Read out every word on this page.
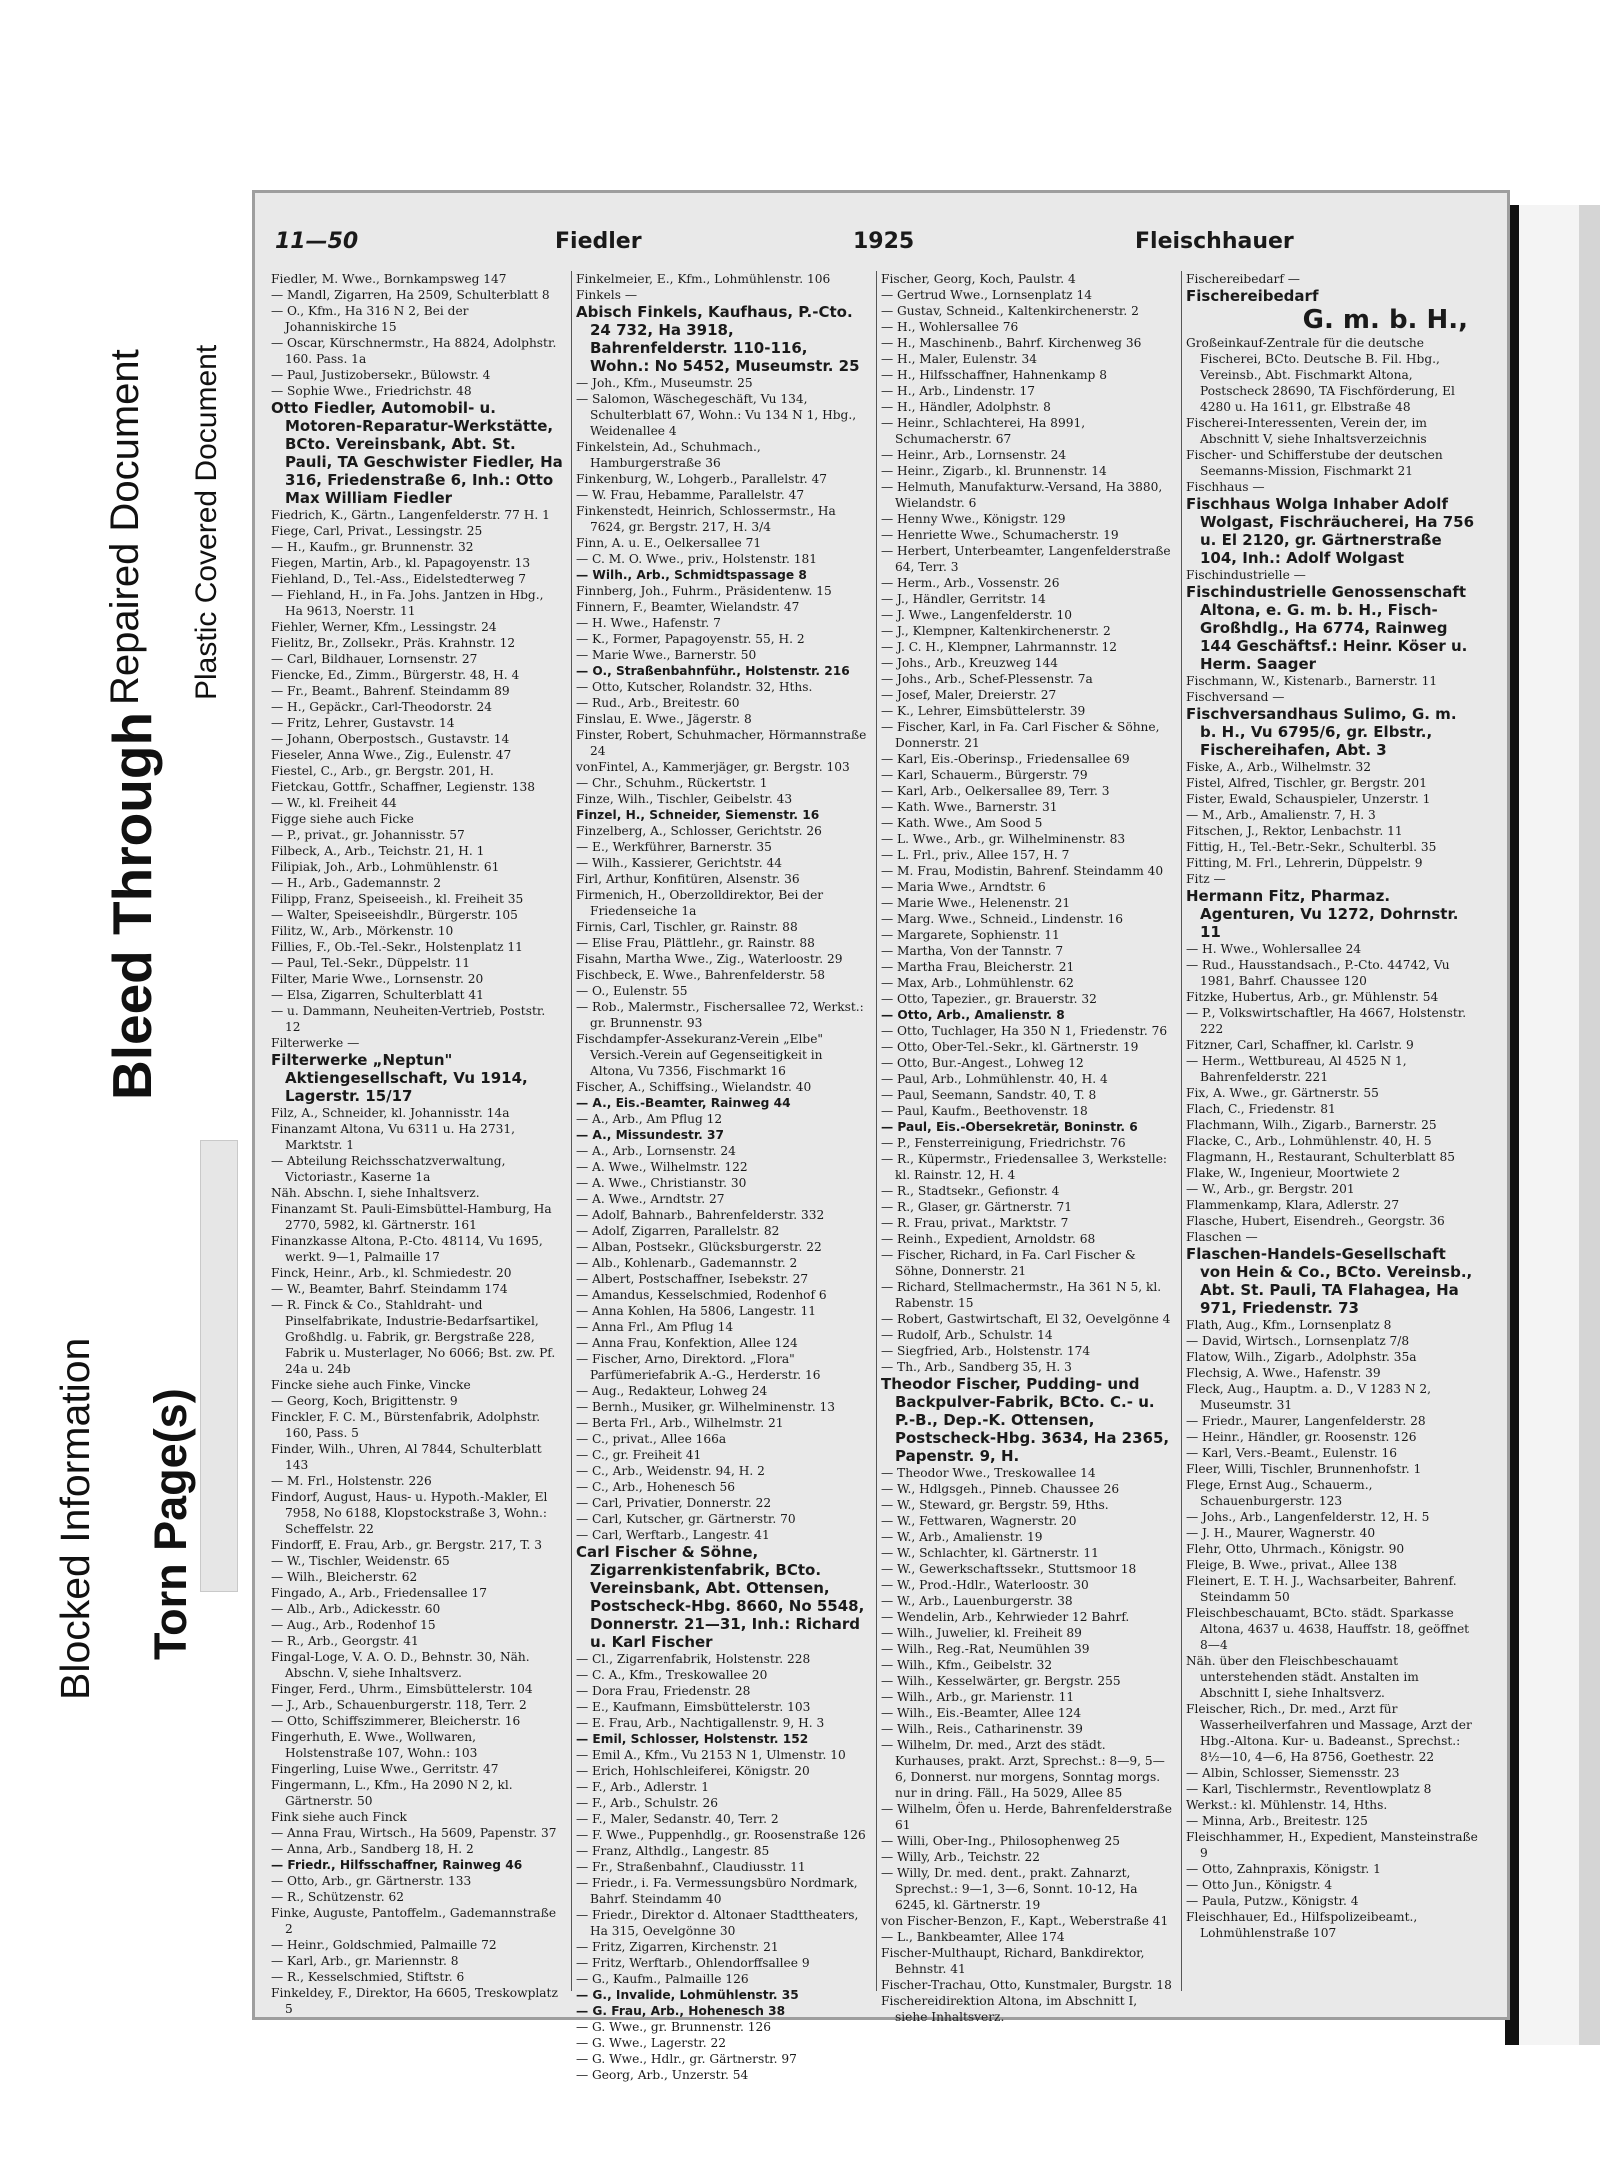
Blocked Information
Bleed Through
Torn Page(s)
Repaired Document Plastic Covered Document
11—50	Fiedler	1925	Fleischhauer

Fiedler, M. Wwe., Bornkampsweg 147

— Mandl, Zigarren, Ha 2509, Schulterblatt 8

— O., Kfm., Ha 316 N 2, Bei der Johanniskirche 15

— Oscar, Kürschnermstr., Ha 8824, Adolphstr. 160. Pass. 1a

— Paul, Justizobersekr., Bülowstr. 4

— Sophie Wwe., Friedrichstr. 48

Otto Fiedler, Automobil- u. Motoren-Reparatur-Werkstätte, BCto. Vereinsbank, Abt. St. Pauli, TA Geschwister Fiedler, Ha 316, Friedenstraße 6, Inh.: Otto Max William Fiedler

Fiedrich, K., Gärtn., Langenfelderstr. 77 H. 1

Fiege, Carl, Privat., Lessingstr. 25

— H., Kaufm., gr. Brunnenstr. 32

Fiegen, Martin, Arb., kl. Papagoyenstr. 13

Fiehland, D., Tel.-Ass., Eidelstedterweg 7

— Fiehland, H., in Fa. Johs. Jantzen in Hbg., Ha 9613, Noerstr. 11

Fiehler, Werner, Kfm., Lessingstr. 24

Fielitz, Br., Zollsekr., Präs. Krahnstr. 12

— Carl, Bildhauer, Lornsenstr. 27

Fiencke, Ed., Zimm., Bürgerstr. 48, H. 4

— Fr., Beamt., Bahrenf. Steindamm 89

— H., Gepäckr., Carl-Theodorstr. 24

— Fritz, Lehrer, Gustavstr. 14

— Johann, Oberpostsch., Gustavstr. 14

Fieseler, Anna Wwe., Zig., Eulenstr. 47

Fiestel, C., Arb., gr. Bergstr. 201, H.

Fietckau, Gottfr., Schaffner, Legienstr. 138

— W., kl. Freiheit 44

Figge siehe auch Ficke

— P., privat., gr. Johannisstr. 57

Filbeck, A., Arb., Teichstr. 21, H. 1

Filipiak, Joh., Arb., Lohmühlenstr. 61

— H., Arb., Gademannstr. 2

Filipp, Franz, Speiseeish., kl. Freiheit 35

— Walter, Speiseeishdlr., Bürgerstr. 105

Filitz, W., Arb., Mörkenstr. 10

Fillies, F., Ob.-Tel.-Sekr., Holstenplatz 11

— Paul, Tel.-Sekr., Düppelstr. 11

Filter, Marie Wwe., Lornsenstr. 20

— Elsa, Zigarren, Schulterblatt 41

— u. Dammann, Neuheiten-Vertrieb, Poststr. 12

Filterwerke —

Filterwerke „Neptun" Aktiengesellschaft, Vu 1914, Lagerstr. 15/17

Filz, A., Schneider, kl. Johannisstr. 14a

Finanzamt Altona, Vu 6311 u. Ha 2731, Marktstr. 1

— Abteilung Reichsschatzverwaltung, Victoriastr., Kaserne 1a

Näh. Abschn. I, siehe Inhaltsverz.

Finanzamt St. Pauli-Eimsbüttel-Hamburg, Ha 2770, 5982, kl. Gärtnerstr. 161

Finanzkasse Altona, P.-Cto. 48114, Vu 1695, werkt. 9—1, Palmaille 17

Finck, Heinr., Arb., kl. Schmiedestr. 20

— W., Beamter, Bahrf. Steindamm 174

— R. Finck & Co., Stahldraht- und Pinselfabrikate, Industrie-Bedarfsartikel, Großhdlg. u. Fabrik, gr. Bergstraße 228, Fabrik u. Musterlager, No 6066; Bst. zw. Pf. 24a u. 24b

Fincke siehe auch Finke, Vincke

— Georg, Koch, Brigittenstr. 9

Finckler, F. C. M., Bürstenfabrik, Adolphstr. 160, Pass. 5

Finder, Wilh., Uhren, Al 7844, Schulterblatt 143

— M. Frl., Holstenstr. 226

Findorf, August, Haus- u. Hypoth.-Makler, El 7958, No 6188, Klopstockstraße 3, Wohn.: Scheffelstr. 22

Findorff, E. Frau, Arb., gr. Bergstr. 217, T. 3

— W., Tischler, Weidenstr. 65

— Wilh., Bleicherstr. 62

Fingado, A., Arb., Friedensallee 17

— Alb., Arb., Adickesstr. 60

— Aug., Arb., Rodenhof 15

— R., Arb., Georgstr. 41

Fingal-Loge, V. A. O. D., Behnstr. 30, Näh. Abschn. V, siehe Inhaltsverz.

Finger, Ferd., Uhrm., Eimsbüttelerstr. 104

— J., Arb., Schauenburgerstr. 118, Terr. 2

— Otto, Schiffszimmerer, Bleicherstr. 16

Fingerhuth, E. Wwe., Wollwaren, Holstenstraße 107, Wohn.: 103

Fingerling, Luise Wwe., Gerritstr. 47

Fingermann, L., Kfm., Ha 2090 N 2, kl. Gärtnerstr. 50

Fink siehe auch Finck

— Anna Frau, Wirtsch., Ha 5609, Papenstr. 37

— Anna, Arb., Sandberg 18, H. 2

— Friedr., Hilfsschaffner, Rainweg 46

— Otto, Arb., gr. Gärtnerstr. 133

— R., Schützenstr. 62

Finke, Auguste, Pantoffelm., Gademannstraße 2

— Heinr., Goldschmied, Palmaille 72

— Karl, Arb., gr. Mariennstr. 8

— R., Kesselschmied, Stiftstr. 6

Finkeldey, F., Direktor, Ha 6605, Treskowplatz 5

Finkelmeier, E., Kfm., Lohmühlenstr. 106

Finkels —

Abisch Finkels, Kaufhaus, P.-Cto. 24 732, Ha 3918, Bahrenfelderstr. 110-116, Wohn.: No 5452, Museumstr. 25

— Joh., Kfm., Museumstr. 25

— Salomon, Wäschegeschäft, Vu 134, Schulterblatt 67, Wohn.: Vu 134 N 1, Hbg., Weidenallee 4

Finkelstein, Ad., Schuhmach., Hamburgerstraße 36

Finkenburg, W., Lohgerb., Parallelstr. 47

— W. Frau, Hebamme, Parallelstr. 47

Finkenstedt, Heinrich, Schlossermstr., Ha 7624, gr. Bergstr. 217, H. 3/4

Finn, A. u. E., Oelkersallee 71

— C. M. O. Wwe., priv., Holstenstr. 181

— Wilh., Arb., Schmidtspassage 8

Finnberg, Joh., Fuhrm., Präsidentenw. 15

Finnern, F., Beamter, Wielandstr. 47

— H. Wwe., Hafenstr. 7

— K., Former, Papagoyenstr. 55, H. 2

— Marie Wwe., Barnerstr. 50

— O., Straßenbahnführ., Holstenstr. 216

— Otto, Kutscher, Rolandstr. 32, Hths.

— Rud., Arb., Breitestr. 60

Finslau, E. Wwe., Jägerstr. 8

Finster, Robert, Schuhmacher, Hörmannstraße 24

vonFintel, A., Kammerjäger, gr. Bergstr. 103

— Chr., Schuhm., Rückertstr. 1

Finze, Wilh., Tischler, Geibelstr. 43

Finzel, H., Schneider, Siemenstr. 16

Finzelberg, A., Schlosser, Gerichtstr. 26

— E., Werkführer, Barnerstr. 35

— Wilh., Kassierer, Gerichtstr. 44

Firl, Arthur, Konfitüren, Alsenstr. 36

Firmenich, H., Oberzolldirektor, Bei der Friedenseiche 1a

Firnis, Carl, Tischler, gr. Rainstr. 88

— Elise Frau, Plättlehr., gr. Rainstr. 88

Fisahn, Martha Wwe., Zig., Waterloostr. 29

Fischbeck, E. Wwe., Bahrenfelderstr. 58

— O., Eulenstr. 55

— Rob., Malermstr., Fischersallee 72, Werkst.: gr. Brunnenstr. 93

Fischdampfer-Assekuranz-Verein „Elbe" Versich.-Verein auf Gegenseitigkeit in Altona, Vu 7356, Fischmarkt 16

Fischer, A., Schiffsing., Wielandstr. 40

— A., Eis.-Beamter, Rainweg 44

— A., Arb., Am Pflug 12

— A., Missundestr. 37

— A., Arb., Lornsenstr. 24

— A. Wwe., Wilhelmstr. 122

— A. Wwe., Christianstr. 30

— A. Wwe., Arndtstr. 27

— Adolf, Bahnarb., Bahrenfelderstr. 332

— Adolf, Zigarren, Parallelstr. 82

— Alban, Postsekr., Glücksburgerstr. 22

— Alb., Kohlenarb., Gademannstr. 2

— Albert, Postschaffner, Isebekstr. 27

— Amandus, Kesselschmied, Rodenhof 6

— Anna Kohlen, Ha 5806, Langestr. 11

— Anna Frl., Am Pflug 14

— Anna Frau, Konfektion, Allee 124

— Fischer, Arno, Direktord. „Flora" Parfümeriefabrik A.-G., Herderstr. 16

— Aug., Redakteur, Lohweg 24

— Bernh., Musiker, gr. Wilhelminenstr. 13

— Berta Frl., Arb., Wilhelmstr. 21

— C., privat., Allee 166a

— C., gr. Freiheit 41

— C., Arb., Weidenstr. 94, H. 2

— C., Arb., Hohenesch 56

— Carl, Privatier, Donnerstr. 22

— Carl, Kutscher, gr. Gärtnerstr. 70

— Carl, Werftarb., Langestr. 41

Carl Fischer & Söhne, Zigarrenkistenfabrik, BCto. Vereinsbank, Abt. Ottensen, Postscheck-Hbg. 8660, No 5548, Donnerstr. 21—31, Inh.: Richard u. Karl Fischer

— Cl., Zigarrenfabrik, Holstenstr. 228

— C. A., Kfm., Treskowallee 20

— Dora Frau, Friedenstr. 28

— E., Kaufmann, Eimsbüttelerstr. 103

— E. Frau, Arb., Nachtigallenstr. 9, H. 3

— Emil, Schlosser, Holstenstr. 152

— Emil A., Kfm., Vu 2153 N 1, Ulmenstr. 10

— Erich, Hohlschleiferei, Königstr. 20

— F., Arb., Adlerstr. 1

— F., Arb., Schulstr. 26

— F., Maler, Sedanstr. 40, Terr. 2

— F. Wwe., Puppenhdlg., gr. Roosenstraße 126

— Franz, Althdlg., Langestr. 85

— Fr., Straßenbahnf., Claudiusstr. 11

— Friedr., i. Fa. Vermessungsbüro Nordmark, Bahrf. Steindamm 40

— Friedr., Direktor d. Altonaer Stadttheaters, Ha 315, Oevelgönne 30

— Fritz, Zigarren, Kirchenstr. 21

— Fritz, Werftarb., Ohlendorffsallee 9

— G., Kaufm., Palmaille 126

— G., Invalide, Lohmühlenstr. 35

— G. Frau, Arb., Hohenesch 38

— G. Wwe., gr. Brunnenstr. 126

— G. Wwe., Lagerstr. 22

— G. Wwe., Hdlr., gr. Gärtnerstr. 97

— Georg, Arb., Unzerstr. 54

Fischer, Georg, Koch, Paulstr. 4

— Gertrud Wwe., Lornsenplatz 14

— Gustav, Schneid., Kaltenkirchenerstr. 2

— H., Wohlersallee 76

— H., Maschinenb., Bahrf. Kirchenweg 36

— H., Maler, Eulenstr. 34

— H., Hilfsschaffner, Hahnenkamp 8

— H., Arb., Lindenstr. 17

— H., Händler, Adolphstr. 8

— Heinr., Schlachterei, Ha 8991, Schumacherstr. 67

— Heinr., Arb., Lornsenstr. 24

— Heinr., Zigarb., kl. Brunnenstr. 14

— Helmuth, Manufakturw.-Versand, Ha 3880, Wielandstr. 6

— Henny Wwe., Königstr. 129

— Henriette Wwe., Schumacherstr. 19

— Herbert, Unterbeamter, Langenfelderstraße 64, Terr. 3

— Herm., Arb., Vossenstr. 26

— J., Händler, Gerritstr. 14

— J. Wwe., Langenfelderstr. 10

— J., Klempner, Kaltenkirchenerstr. 2

— J. C. H., Klempner, Lahrmannstr. 12

— Johs., Arb., Kreuzweg 144

— Johs., Arb., Schef-Plessenstr. 7a

— Josef, Maler, Dreierstr. 27

— K., Lehrer, Eimsbüttelerstr. 39

— Fischer, Karl, in Fa. Carl Fischer & Söhne, Donnerstr. 21

— Karl, Eis.-Oberinsp., Friedensallee 69

— Karl, Schauerm., Bürgerstr. 79

— Karl, Arb., Oelkersallee 89, Terr. 3

— Kath. Wwe., Barnerstr. 31

— Kath. Wwe., Am Sood 5

— L. Wwe., Arb., gr. Wilhelminenstr. 83

— L. Frl., priv., Allee 157, H. 7

— M. Frau, Modistin, Bahrenf. Steindamm 40

— Maria Wwe., Arndtstr. 6

— Marie Wwe., Helenenstr. 21

— Marg. Wwe., Schneid., Lindenstr. 16

— Margarete, Sophienstr. 11

— Martha, Von der Tannstr. 7

— Martha Frau, Bleicherstr. 21

— Max, Arb., Lohmühlenstr. 62

— Otto, Tapezier., gr. Brauerstr. 32

— Otto, Arb., Amalienstr. 8

— Otto, Tuchlager, Ha 350 N 1, Friedenstr. 76

— Otto, Ober-Tel.-Sekr., kl. Gärtnerstr. 19

— Otto, Bur.-Angest., Lohweg 12

— Paul, Arb., Lohmühlenstr. 40, H. 4

— Paul, Seemann, Sandstr. 40, T. 8

— Paul, Kaufm., Beethovenstr. 18

— Paul, Eis.-Obersekretär, Boninstr. 6

— P., Fensterreinigung, Friedrichstr. 76

— R., Küpermstr., Friedensallee 3, Werkstelle: kl. Rainstr. 12, H. 4

— R., Stadtsekr., Gefionstr. 4

— R., Glaser, gr. Gärtnerstr. 71

— R. Frau, privat., Marktstr. 7

— Reinh., Expedient, Arnoldstr. 68

— Fischer, Richard, in Fa. Carl Fischer & Söhne, Donnerstr. 21

— Richard, Stellmachermstr., Ha 361 N 5, kl. Rabenstr. 15

— Robert, Gastwirtschaft, El 32, Oevelgönne 4

— Rudolf, Arb., Schulstr. 14

— Siegfried, Arb., Holstenstr. 174

— Th., Arb., Sandberg 35, H. 3

Theodor Fischer, Pudding- und Backpulver-Fabrik, BCto. C.- u. P.-B., Dep.-K. Ottensen, Postscheck-Hbg. 3634, Ha 2365, Papenstr. 9, H.

— Theodor Wwe., Treskowallee 14

— W., Hdlgsgeh., Pinneb. Chaussee 26

— W., Steward, gr. Bergstr. 59, Hths.

— W., Fettwaren, Wagnerstr. 20

— W., Arb., Amalienstr. 19

— W., Schlachter, kl. Gärtnerstr. 11

— W., Gewerkschaftssekr., Stuttsmoor 18

— W., Prod.-Hdlr., Waterloostr. 30

— W., Arb., Lauenburgerstr. 38

— Wendelin, Arb., Kehrwieder 12 Bahrf.

— Wilh., Juwelier, kl. Freiheit 89

— Wilh., Reg.-Rat, Neumühlen 39

— Wilh., Kfm., Geibelstr. 32

— Wilh., Kesselwärter, gr. Bergstr. 255

— Wilh., Arb., gr. Marienstr. 11

— Wilh., Eis.-Beamter, Allee 124

— Wilh., Reis., Catharinenstr. 39

— Wilhelm, Dr. med., Arzt des städt. Kurhauses, prakt. Arzt, Sprechst.: 8—9, 5—6, Donnerst. nur morgens, Sonntag morgs. nur in dring. Fäll., Ha 5029, Allee 85

— Wilhelm, Öfen u. Herde, Bahrenfelderstraße 61

— Willi, Ober-Ing., Philosophenweg 25

— Willy, Arb., Teichstr. 22

— Willy, Dr. med. dent., prakt. Zahnarzt, Sprechst.: 9—1, 3—6, Sonnt. 10-12, Ha 6245, kl. Gärtnerstr. 19

von Fischer-Benzon, F., Kapt., Weberstraße 41

— L., Bankbeamter, Allee 174

Fischer-Multhaupt, Richard, Bankdirektor, Behnstr. 41

Fischer-Trachau, Otto, Kunstmaler, Burgstr. 18

Fischereidirektion Altona, im Abschnitt I, siehe Inhaltsverz.

Fischereibedarf —

Fischereibedarf

G. m. b. H.,

Großeinkauf-Zentrale für die deutsche Fischerei, BCto. Deutsche B. Fil. Hbg., Vereinsb., Abt. Fischmarkt Altona, Postscheck 28690, TA Fischförderung, El 4280 u. Ha 1611, gr. Elbstraße 48

Fischerei-Interessenten, Verein der, im Abschnitt V, siehe Inhaltsverzeichnis

Fischer- und Schifferstube der deutschen Seemanns-Mission, Fischmarkt 21

Fischhaus —

Fischhaus Wolga Inhaber Adolf Wolgast, Fischräucherei, Ha 756 u. El 2120, gr. Gärtnerstraße 104, Inh.: Adolf Wolgast

Fischindustrielle —

Fischindustrielle Genossenschaft Altona, e. G. m. b. H., Fisch-Großhdlg., Ha 6774, Rainweg 144 Geschäftsf.: Heinr. Köser u. Herm. Saager

Fischmann, W., Kistenarb., Barnerstr. 11

Fischversand —

Fischversandhaus Sulimo, G. m. b. H., Vu 6795/6, gr. Elbstr., Fischereihafen, Abt. 3

Fiske, A., Arb., Wilhelmstr. 32

Fistel, Alfred, Tischler, gr. Bergstr. 201

Fister, Ewald, Schauspieler, Unzerstr. 1

— M., Arb., Amalienstr. 7, H. 3

Fitschen, J., Rektor, Lenbachstr. 11

Fittig, H., Tel.-Betr.-Sekr., Schulterbl. 35

Fitting, M. Frl., Lehrerin, Düppelstr. 9

Fitz —

Hermann Fitz, Pharmaz. Agenturen, Vu 1272, Dohrnstr. 11

— H. Wwe., Wohlersallee 24

— Rud., Hausstandsach., P.-Cto. 44742, Vu 1981, Bahrf. Chaussee 120

Fitzke, Hubertus, Arb., gr. Mühlenstr. 54

— P., Volkswirtschaftler, Ha 4667, Holstenstr. 222

Fitzner, Carl, Schaffner, kl. Carlstr. 9

— Herm., Wettbureau, Al 4525 N 1, Bahrenfelderstr. 221

Fix, A. Wwe., gr. Gärtnerstr. 55

Flach, C., Friedenstr. 81

Flachmann, Wilh., Zigarb., Barnerstr. 25

Flacke, C., Arb., Lohmühlenstr. 40, H. 5

Flagmann, H., Restaurant, Schulterblatt 85

Flake, W., Ingenieur, Moortwiete 2

— W., Arb., gr. Bergstr. 201

Flammenkamp, Klara, Adlerstr. 27

Flasche, Hubert, Eisendreh., Georgstr. 36

Flaschen —

Flaschen-Handels-Gesellschaft von Hein & Co., BCto. Vereinsb., Abt. St. Pauli, TA Flahagea, Ha 971, Friedenstr. 73

Flath, Aug., Kfm., Lornsenplatz 8

— David, Wirtsch., Lornsenplatz 7/8

Flatow, Wilh., Zigarb., Adolphstr. 35a

Flechsig, A. Wwe., Hafenstr. 39

Fleck, Aug., Hauptm. a. D., V 1283 N 2, Museumstr. 31

— Friedr., Maurer, Langenfelderstr. 28

— Heinr., Händler, gr. Roosenstr. 126

— Karl, Vers.-Beamt., Eulenstr. 16

Fleer, Willi, Tischler, Brunnenhofstr. 1

Flege, Ernst Aug., Schauerm., Schauenburgerstr. 123

— Johs., Arb., Langenfelderstr. 12, H. 5

— J. H., Maurer, Wagnerstr. 40

Flehr, Otto, Uhrmach., Königstr. 90

Fleige, B. Wwe., privat., Allee 138

Fleinert, E. T. H. J., Wachsarbeiter, Bahrenf. Steindamm 50

Fleischbeschauamt, BCto. städt. Sparkasse Altona, 4637 u. 4638, Hauffstr. 18, geöffnet 8—4

Näh. über den Fleischbeschauamt unterstehenden städt. Anstalten im Abschnitt I, siehe Inhaltsverz.

Fleischer, Rich., Dr. med., Arzt für Wasserheilverfahren und Massage, Arzt der Hbg.-Altona. Kur- u. Badeanst., Sprechst.: 8½—10, 4—6, Ha 8756, Goethestr. 22

— Albin, Schlosser, Siemensstr. 23

— Karl, Tischlermstr., Reventlowplatz 8

Werkst.: kl. Mühlenstr. 14, Hths.

— Minna, Arb., Breitestr. 125

Fleischhammer, H., Expedient, Mansteinstraße 9

— Otto, Zahnpraxis, Königstr. 1

— Otto Jun., Königstr. 4

— Paula, Putzw., Königstr. 4

Fleischhauer, Ed., Hilfspolizeibeamt., Lohmühlenstraße 107
